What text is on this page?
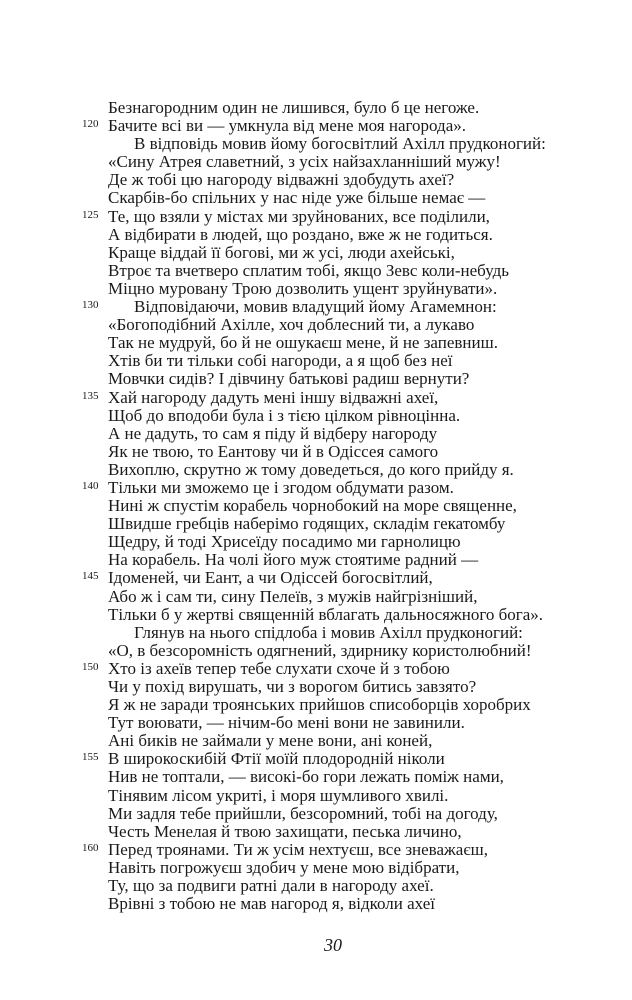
Безнагородним один не лишився, було б це негоже.
120 Бачите всі ви — умкнула від мене моя нагорода».
В відповідь мовив йому богосвітлий Ахілл прудконогий:
«Сину Атрея славетний, з усіх найзахланніший мужу!
Де ж тобі цю нагороду відважні здобудуть ахеї?
Скарбів-бо спільних у нас ніде уже більше немає —
125 Те, що взяли у містах ми зруйнованих, все поділили,
А відбирати в людей, що роздано, вже ж не годиться.
Краще віддай її богові, ми ж усі, люди ахейські,
Втроє та вчетверо сплатим тобі, якщо Зевс коли-небудь
Міцно муровану Трою дозволить ущент зруйнувати».
130 Відповідаючи, мовив владущий йому Агамемнон:
«Богоподібний Ахілле, хоч доблесний ти, а лукаво
Так не мудруй, бо й не ошукаєш мене, й не запевниш.
Хтів би ти тільки собі нагороди, а я щоб без неї
Мовчки сидів? І дівчину батькові радиш вернути?
135 Хай нагороду дадуть мені іншу відважні ахеї,
Щоб до вподоби була і з тією цілком рівноцінна.
А не дадуть, то сам я піду й відберу нагороду
Як не твою, то Еантову чи й в Одіссея самого
Вихоплю, скрутно ж тому доведеться, до кого прийду я.
140 Тільки ми зможемо це і згодом обдумати разом.
Нині ж спустім корабель чорнобокий на море священне,
Швидше гребців наберімо годящих, складім гекатомбу
Щедру, й тоді Хрисеїду посадимо ми гарнолицю
На корабель. На чолі його муж стоятиме радний —
145 Ідоменей, чи Еант, а чи Одіссей богосвітлий,
Або ж і сам ти, сину Пелеїв, з мужів найгрізніший,
Тільки б у жертві священній вблагать дальносяжного бога».
Глянув на нього спідлоба і мовив Ахілл прудконогий:
«О, в безсоромність одягнений, здирнику користолюбний!
150 Хто із ахеїв тепер тебе слухати схоче й з тобою
Чи у похід вирушать, чи з ворогом битись завзято?
Я ж не заради троянських прийшов списоборців хоробрих
Тут воювати, — нічим-бо мені вони не завинили.
Ані биків не займали у мене вони, ані коней,
155 В широкоскибій Фтії моїй плодородній ніколи
Нив не топтали, — високі-бо гори лежать поміж нами,
Тінявим лісом укриті, і моря шумливого хвилі.
Ми задля тебе прийшли, безсоромний, тобі на догоду,
Честь Менелая й твою захищати, песька личино,
160 Перед троянами. Ти ж усім нехтуєш, все зневажаєш,
Навіть погрожуєш здобич у мене мою відібрати,
Ту, що за подвиги ратні дали в нагороду ахеї.
Врівні з тобою не мав нагород я, відколи ахеї
30
